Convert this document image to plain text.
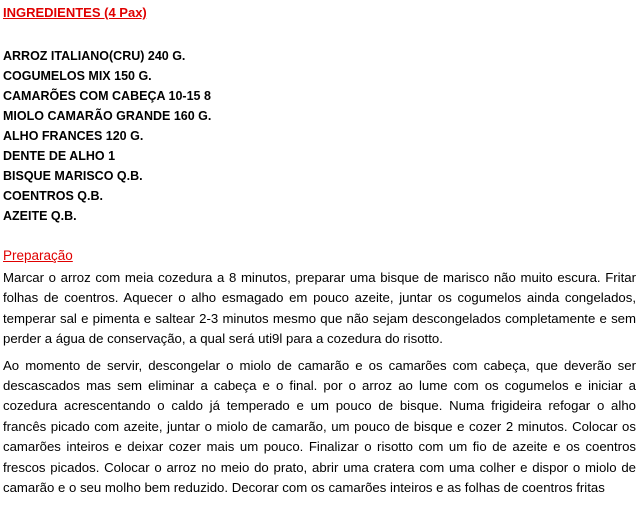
INGREDIENTES (4 Pax)
ARROZ ITALIANO(CRU) 240 G.
COGUMELOS MIX 150 G.
CAMARÕES COM CABEÇA 10-15 8
MIOLO CAMARÃO GRANDE 160 G.
ALHO FRANCES 120 G.
DENTE DE ALHO 1
BISQUE MARISCO Q.B.
COENTROS Q.B.
AZEITE Q.B.
Preparação

Marcar o arroz com meia cozedura a 8 minutos, preparar uma bisque de marisco não muito escura. Fritar folhas de coentros. Aquecer o alho esmagado em pouco azeite, juntar os cogumelos ainda congelados, temperar sal e pimenta e saltear 2-3 minutos mesmo que não sejam descongelados completamente e sem perder a água de conservação, a qual será uti9l para a cozedura do risotto.

Ao momento de servir, descongelar o miolo de camarão e os camarões com cabeça, que deverão ser descascados mas sem eliminar a cabeça e o final. por o arroz ao lume com os cogumelos e iniciar a cozedura acrescentando o caldo já temperado e um pouco de bisque. Numa frigideira refogar o alho francês picado com azeite, juntar o miolo de camarão, um pouco de bisque e cozer 2 minutos. Colocar os camarões inteiros e deixar cozer mais um pouco. Finalizar o risotto com um fio de azeite e os coentros frescos picados. Colocar o arroz no meio do prato, abrir uma cratera com uma colher e dispor o miolo de camarão e o seu molho bem reduzido. Decorar com os camarões inteiros e as folhas de coentros fritas
